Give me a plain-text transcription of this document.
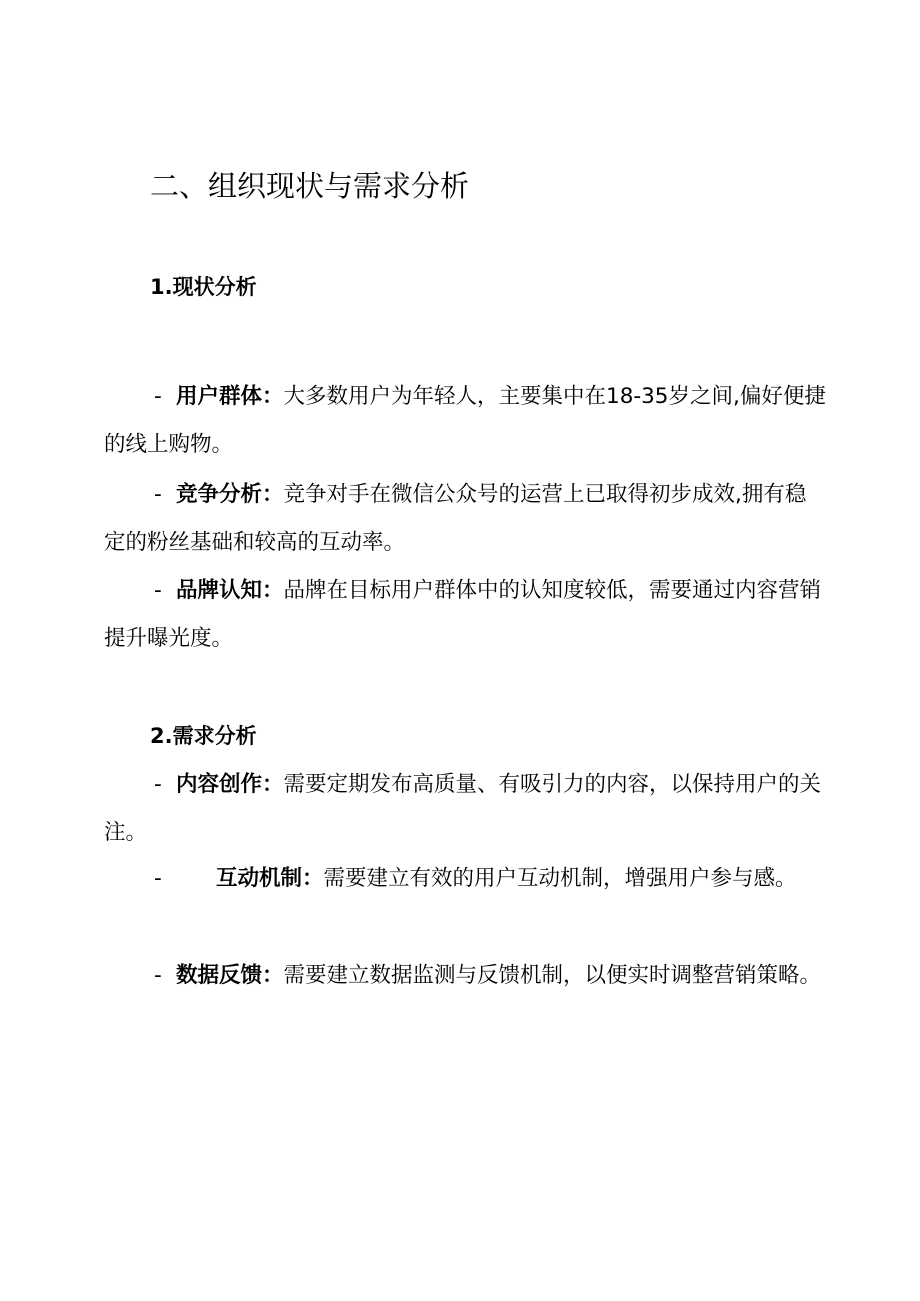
二、组织现状与需求分析
1.现状分析

- 用户群体：大多数用户为年轻人，主要集中在18-35岁之间,偏好便捷的线上购物。

- 竞争分析：竞争对手在微信公众号的运营上已取得初步成效,拥有稳定的粉丝基础和较高的互动率。

- 品牌认知：品牌在目标用户群体中的认知度较低，需要通过内容营销提升曝光度。

2.需求分析

- 内容创作：需要定期发布高质量、有吸引力的内容，以保持用户的关注。

-	互动机制：需要建立有效的用户互动机制，增强用户参与感。

- 数据反馈：需要建立数据监测与反馈机制，以便实时调整营销策略。
